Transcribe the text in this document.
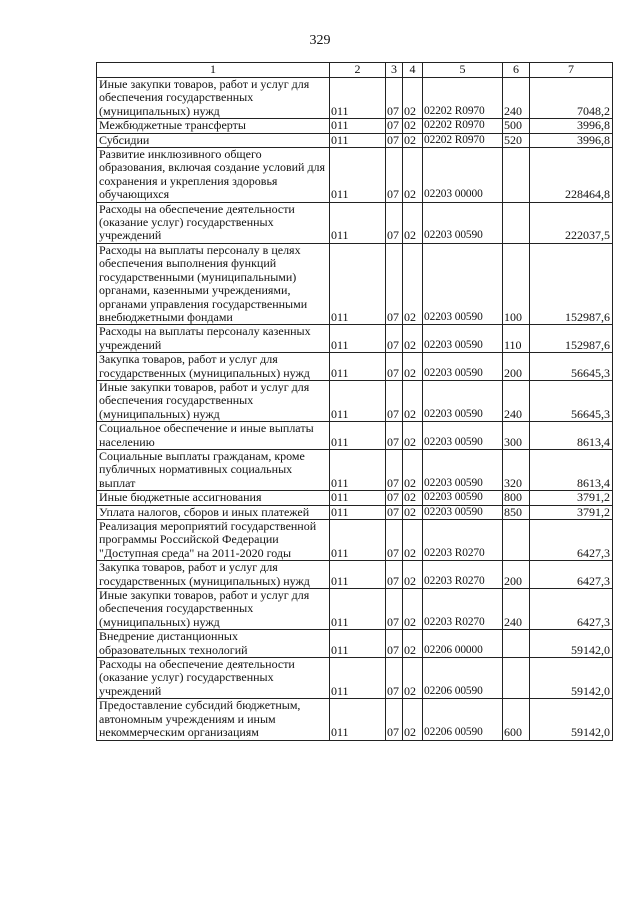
329
1	2	3	4	5	6	7
Иные закупки товаров, работ и услуг для обеспечения государственных (муниципальных) нужд	011	07	02	02202 R0970	240	7048,2
Межбюджетные трансферты	011	07	02	02202 R0970	500	3996,8
Субсидии	011	07	02	02202 R0970	520	3996,8
Развитие инклюзивного общего образования, включая создание условий для сохранения и укрепления здоровья обучающихся	011	07	02	02203 00000		228464,8
Расходы на обеспечение деятельности (оказание услуг) государственных учреждений	011	07	02	02203 00590		222037,5
Расходы на выплаты персоналу в целях обеспечения выполнения функций государственными (муниципальными) органами, казенными учреждениями, органами управления государственными внебюджетными фондами	011	07	02	02203 00590	100	152987,6
Расходы на выплаты персоналу казенных учреждений	011	07	02	02203 00590	110	152987,6
Закупка товаров, работ и услуг для государственных (муниципальных) нужд	011	07	02	02203 00590	200	56645,3
Иные закупки товаров, работ и услуг для обеспечения государственных (муниципальных) нужд	011	07	02	02203 00590	240	56645,3
Социальное обеспечение и иные выплаты населению	011	07	02	02203 00590	300	8613,4
Социальные выплаты гражданам, кроме публичных нормативных социальных выплат	011	07	02	02203 00590	320	8613,4
Иные бюджетные ассигнования	011	07	02	02203 00590	800	3791,2
Уплата налогов, сборов и иных платежей	011	07	02	02203 00590	850	3791,2
Реализация мероприятий государственной программы Российской Федерации "Доступная среда" на 2011-2020 годы	011	07	02	02203 R0270		6427,3
Закупка товаров, работ и услуг для государственных (муниципальных) нужд	011	07	02	02203 R0270	200	6427,3
Иные закупки товаров, работ и услуг для обеспечения государственных (муниципальных) нужд	011	07	02	02203 R0270	240	6427,3
Внедрение дистанционных образовательных технологий	011	07	02	02206 00000		59142,0
Расходы на обеспечение деятельности (оказание услуг) государственных учреждений	011	07	02	02206 00590		59142,0
Предоставление субсидий бюджетным, автономным учреждениям и иным некоммерческим организациям	011	07	02	02206 00590	600	59142,0
